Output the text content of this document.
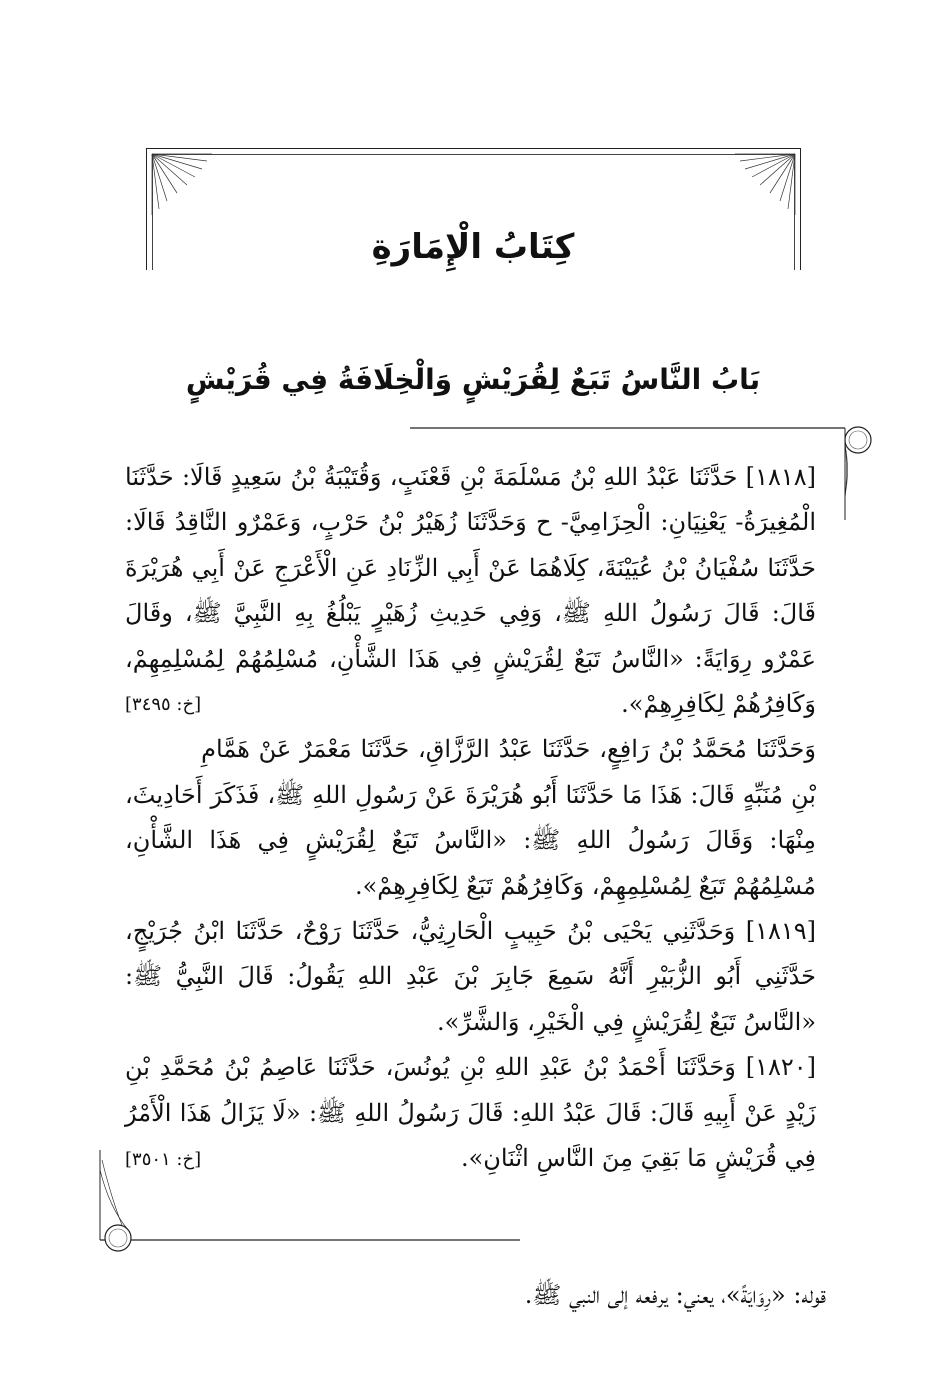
كِتَابُ الْإِمَارَةِ
بَابُ النَّاسُ تَبَعٌ لِقُرَيْشٍ وَالْخِلَافَةُ فِي قُرَيْشٍ

[١٨١٨] حَدَّثَنَا عَبْدُ اللهِ بْنُ مَسْلَمَةَ بْنِ قَعْنَبٍ، وَقُتَيْبَةُ بْنُ سَعِيدٍ قَالَا: حَدَّثَنَا الْمُغِيرَةُ- يَعْنِيَانِ: الْحِزَامِيَّ- ح وَحَدَّثَنَا زُهَيْرُ بْنُ حَرْبٍ، وَعَمْرٌو النَّاقِدُ قَالَا: حَدَّثَنَا سُفْيَانُ بْنُ عُيَيْنَةَ، كِلَاهُمَا عَنْ أَبِي الزِّنَادِ عَنِ الْأَعْرَجِ عَنْ أَبِي هُرَيْرَةَ قَالَ: قَالَ رَسُولُ اللهِ ﷺ، وَفِي حَدِيثِ زُهَيْرٍ يَبْلُغُ بِهِ النَّبِيَّ ﷺ، وقَالَ عَمْرٌو رِوَايَةً: «النَّاسُ تَبَعٌ لِقُرَيْشٍ فِي هَذَا الشَّأْنِ، مُسْلِمُهُمْ لِمُسْلِمِهِمْ، وَكَافِرُهُمْ لِكَافِرِهِمْ».

[خ: ٣٤٩٥]

وَحَدَّثَنَا مُحَمَّدُ بْنُ رَافِعٍ، حَدَّثَنَا عَبْدُ الرَّزَّاقِ، حَدَّثَنَا مَعْمَرٌ عَنْ هَمَّامِ بْنِ مُنَبِّهٍ قَالَ: هَذَا مَا حَدَّثَنَا أَبُو هُرَيْرَةَ عَنْ رَسُولِ اللهِ ﷺ، فَذَكَرَ أَحَادِيثَ، مِنْهَا: وَقَالَ رَسُولُ اللهِ ﷺ: «النَّاسُ تَبَعٌ لِقُرَيْشٍ فِي هَذَا الشَّأْنِ، مُسْلِمُهُمْ تَبَعٌ لِمُسْلِمِهِمْ، وَكَافِرُهُمْ تَبَعٌ لِكَافِرِهِمْ».

[١٨١٩] وَحَدَّثَنِي يَحْيَى بْنُ حَبِيبٍ الْحَارِثِيُّ، حَدَّثَنَا رَوْحٌ، حَدَّثَنَا ابْنُ جُرَيْجٍ، حَدَّثَنِي أَبُو الزُّبَيْرِ أَنَّهُ سَمِعَ جَابِرَ بْنَ عَبْدِ اللهِ يَقُولُ: قَالَ النَّبِيُّ ﷺ: «النَّاسُ تَبَعٌ لِقُرَيْشٍ فِي الْخَيْرِ، وَالشَّرِّ».

[١٨٢٠] وَحَدَّثَنَا أَحْمَدُ بْنُ عَبْدِ اللهِ بْنِ يُونُسَ، حَدَّثَنَا عَاصِمُ بْنُ مُحَمَّدِ بْنِ زَيْدٍ عَنْ أَبِيهِ قَالَ: قَالَ عَبْدُ اللهِ: قَالَ رَسُولُ اللهِ ﷺ: «لَا يَزَالُ هَذَا الْأَمْرُ فِي قُرَيْشٍ مَا بَقِيَ مِنَ النَّاسِ اثْنَانِ».

[خ: ٣٥٠١]
قوله: «رِوَايَةً»، يعني: يرفعه إلى النبي ﷺ.
